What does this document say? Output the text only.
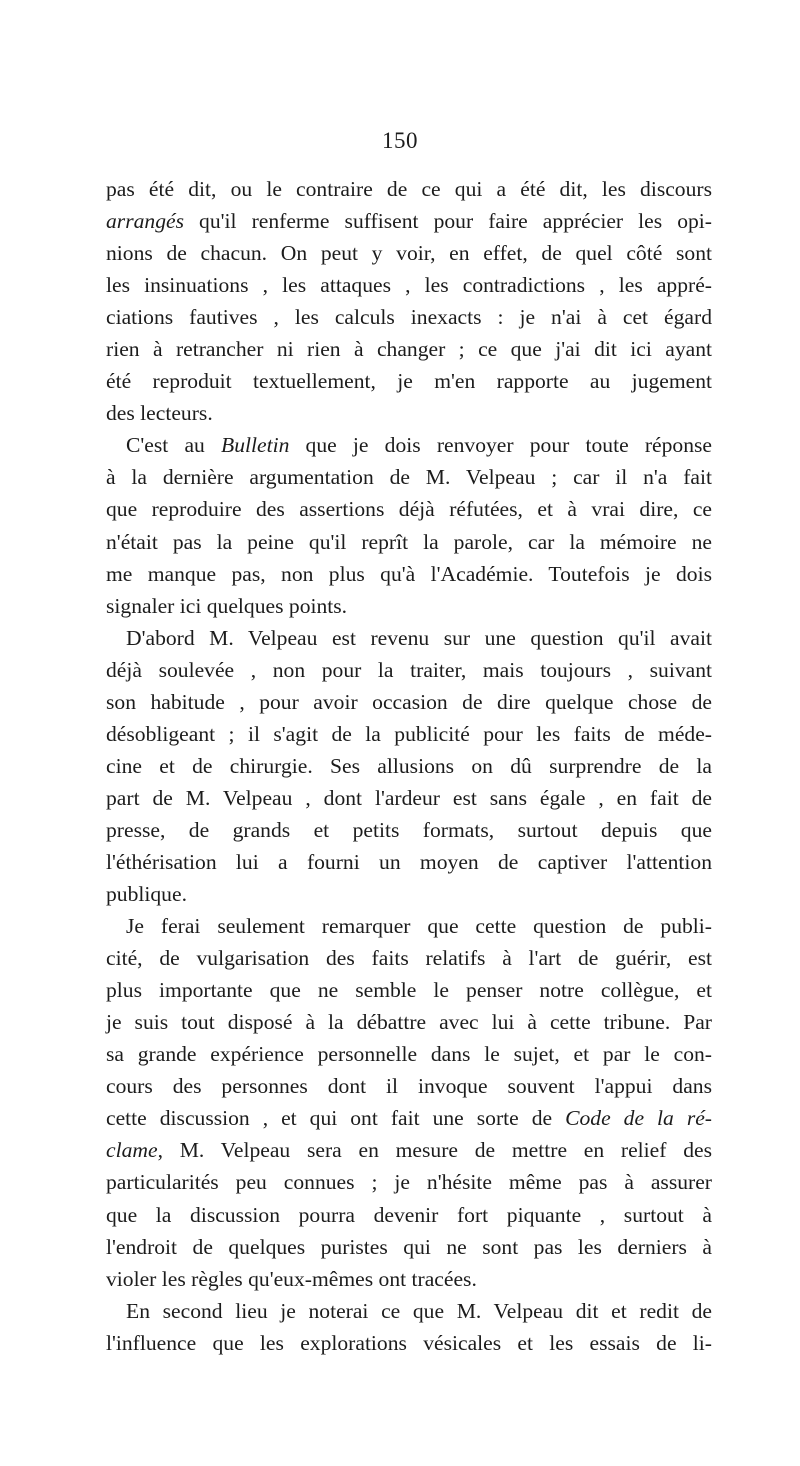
150
pas été dit, ou le contraire de ce qui a été dit, les discours
arrangés qu'il renferme suffisent pour faire apprécier les opi-
nions de chacun. On peut y voir, en effet, de quel côté sont
les insinuations , les attaques , les contradictions , les appré-
ciations fautives , les calculs inexacts : je n'ai à cet égard
rien à retrancher ni rien à changer ; ce que j'ai dit ici ayant
été reproduit textuellement, je m'en rapporte au jugement
des lecteurs.
C'est au Bulletin que je dois renvoyer pour toute réponse
à la dernière argumentation de M. Velpeau ; car il n'a fait
que reproduire des assertions déjà réfutées, et à vrai dire, ce
n'était pas la peine qu'il reprît la parole, car la mémoire ne
me manque pas, non plus qu'à l'Académie. Toutefois je dois
signaler ici quelques points.
D'abord M. Velpeau est revenu sur une question qu'il avait
déjà soulevée , non pour la traiter, mais toujours , suivant
son habitude , pour avoir occasion de dire quelque chose de
désobligeant ; il s'agit de la publicité pour les faits de méde-
cine et de chirurgie. Ses allusions on dû surprendre de la
part de M. Velpeau , dont l'ardeur est sans égale , en fait de
presse, de grands et petits formats, surtout depuis que
l'éthérisation lui a fourni un moyen de captiver l'attention
publique.
Je ferai seulement remarquer que cette question de publi-
cité, de vulgarisation des faits relatifs à l'art de guérir, est
plus importante que ne semble le penser notre collègue, et
je suis tout disposé à la débattre avec lui à cette tribune. Par
sa grande expérience personnelle dans le sujet, et par le con-
cours des personnes dont il invoque souvent l'appui dans
cette discussion , et qui ont fait une sorte de Code de la ré-
clame, M. Velpeau sera en mesure de mettre en relief des
particularités peu connues ; je n'hésite même pas à assurer
que la discussion pourra devenir fort piquante , surtout à
l'endroit de quelques puristes qui ne sont pas les derniers à
violer les règles qu'eux-mêmes ont tracées.
En second lieu je noterai ce que M. Velpeau dit et redit de
l'influence que les explorations vésicales et les essais de li-
